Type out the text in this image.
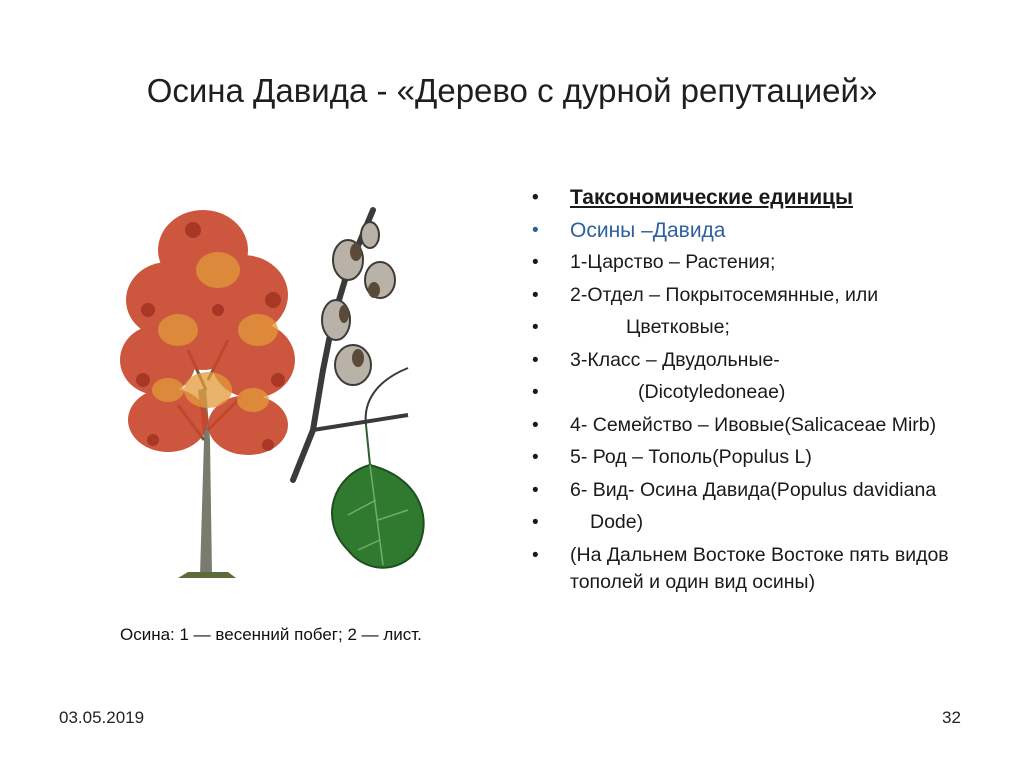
Осина Давида - «Дерево с дурной репутацией»
Осина: 1 — весенний побег; 2 — лист.
• Таксономические единицы
• Осины –Давида
• 1-Царство – Растения;
• 2-Отдел – Покрытосемянные, или
•	Цветковые;
• 3-Класс – Двудольные-
•	(Dicotyledoneae)
• 4- Семейство – Ивовые(Salicaceae Mirb)
• 5- Род – Тополь(Populus L)
• 6- Вид- Осина Давида(Populus davidiana
•	Dode)
• (На Дальнем Востоке Востоке пять видов тополей и один вид осины)
03.05.2019	32
